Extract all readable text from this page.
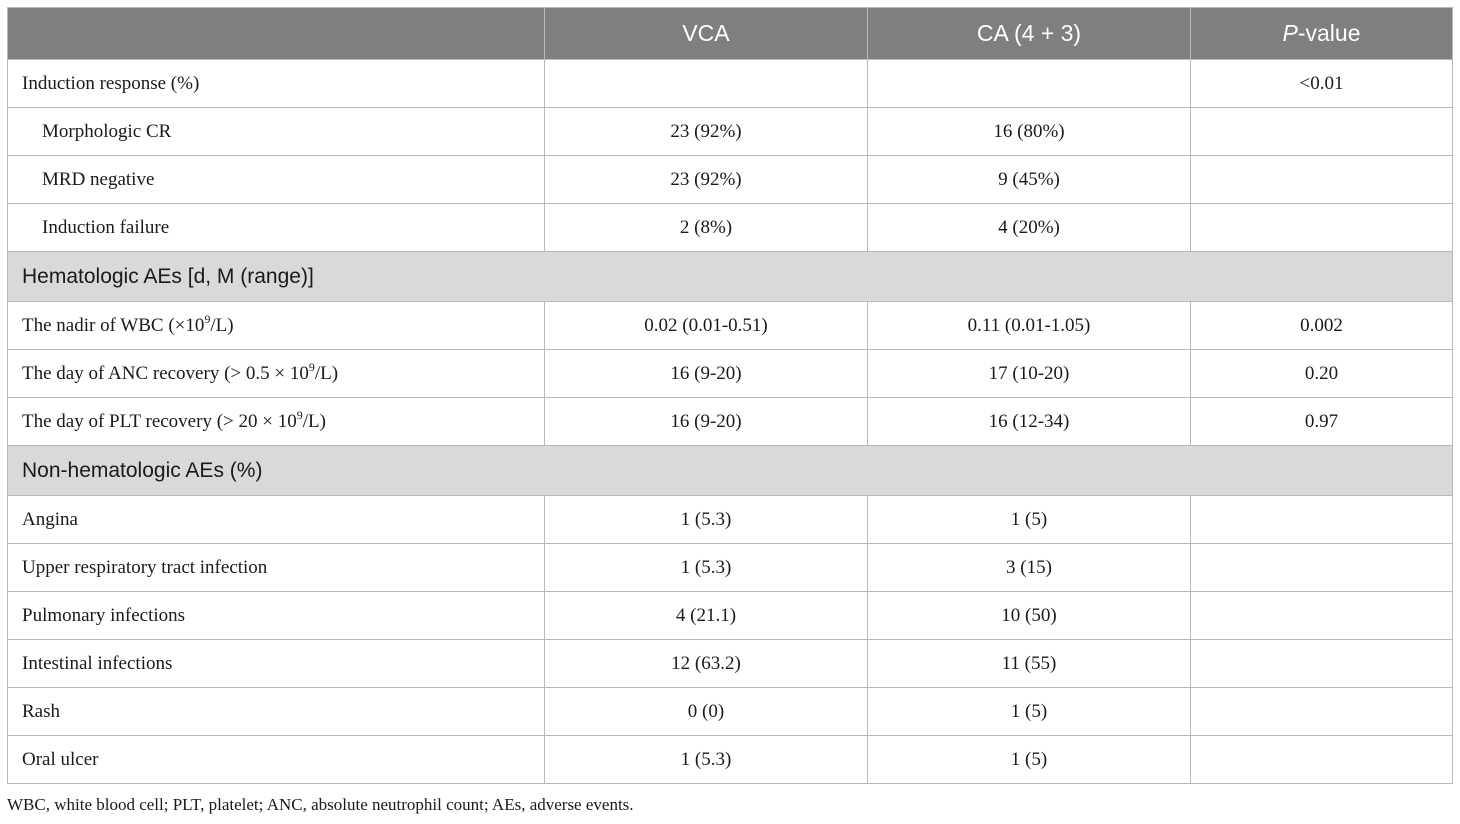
	VCA	CA (4 + 3)	P-value
Induction response (%)			<0.01
Morphologic CR	23 (92%)	16 (80%)	
MRD negative	23 (92%)	9 (45%)	
Induction failure	2 (8%)	4 (20%)	
Hematologic AEs [d, M (range)]			
The nadir of WBC $(\times 10^9/L)$	0.02 (0.01-0.51)	0.11 (0.01-1.05)	0.002
The day of ANC recovery (> $0.5 \times 10^9/L$)	16 (9-20)	17 (10-20)	0.20
The day of PLT recovery (> $20 \times 10^9/L$)	16 (9-20)	16 (12-34)	0.97
Non-hematologic AEs (%)			
Angina	1 (5.3)	1 (5)	
Upper respiratory tract infection	1 (5.3)	3 (15)	
Pulmonary infections	4 (21.1)	10 (50)	
Intestinal infections	12 (63.2)	11 (55)	
Rash	0 (0)	1 (5)	
Oral ulcer	1 (5.3)	1 (5)	
WBC, white blood cell; PLT, platelet; ANC, absolute neutrophil count; AEs, adverse events.
